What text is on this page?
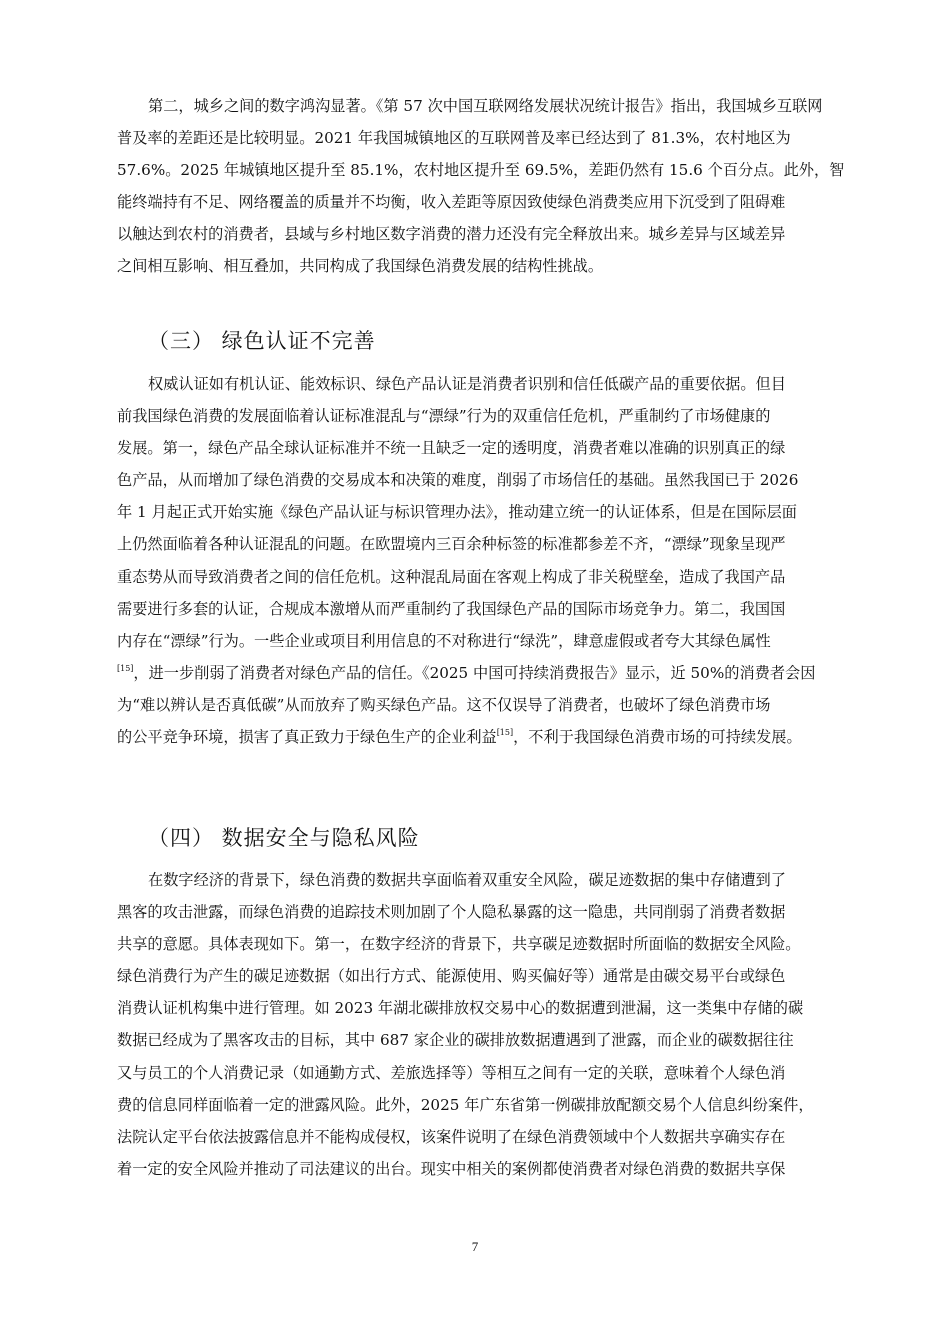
第二，城乡之间的数字鸿沟显著。《第 57 次中国互联网络发展状况统计报告》指出，我国城乡互联网
普及率的差距还是比较明显。2021 年我国城镇地区的互联网普及率已经达到了 81.3%，农村地区为
57.6%。2025 年城镇地区提升至 85.1%，农村地区提升至 69.5%，差距仍然有 15.6 个百分点。此外，智
能终端持有不足、网络覆盖的质量并不均衡，收入差距等原因致使绿色消费类应用下沉受到了阻碍难
以触达到农村的消费者，县域与乡村地区数字消费的潜力还没有完全释放出来。城乡差异与区域差异
之间相互影响、相互叠加，共同构成了我国绿色消费发展的结构性挑战。
（三） 绿色认证不完善
权威认证如有机认证、能效标识、绿色产品认证是消费者识别和信任低碳产品的重要依据。但目
前我国绿色消费的发展面临着认证标准混乱与“漂绿”行为的双重信任危机，严重制约了市场健康的
发展。第一，绿色产品全球认证标准并不统一且缺乏一定的透明度，消费者难以准确的识别真正的绿
色产品，从而增加了绿色消费的交易成本和决策的难度，削弱了市场信任的基础。虽然我国已于 2026
年 1 月起正式开始实施《绿色产品认证与标识管理办法》，推动建立统一的认证体系，但是在国际层面
上仍然面临着各种认证混乱的问题。在欧盟境内三百余种标签的标准都参差不齐，“漂绿”现象呈现严
重态势从而导致消费者之间的信任危机。这种混乱局面在客观上构成了非关税壁垒，造成了我国产品
需要进行多套的认证，合规成本激增从而严重制约了我国绿色产品的国际市场竞争力。第二，我国国
内存在“漂绿”行为。一些企业或项目利用信息的不对称进行“绿洗”，肆意虚假或者夸大其绿色属性
[15]，进一步削弱了消费者对绿色产品的信任。《2025 中国可持续消费报告》显示，近 50%的消费者会因
为“难以辨认是否真低碳”从而放弃了购买绿色产品。这不仅误导了消费者，也破坏了绿色消费市场
的公平竞争环境，损害了真正致力于绿色生产的企业利益[15]，不利于我国绿色消费市场的可持续发展。
（四） 数据安全与隐私风险
在数字经济的背景下，绿色消费的数据共享面临着双重安全风险，碳足迹数据的集中存储遭到了
黑客的攻击泄露，而绿色消费的追踪技术则加剧了个人隐私暴露的这一隐患，共同削弱了消费者数据
共享的意愿。具体表现如下。第一，在数字经济的背景下，共享碳足迹数据时所面临的数据安全风险。
绿色消费行为产生的碳足迹数据（如出行方式、能源使用、购买偏好等）通常是由碳交易平台或绿色
消费认证机构集中进行管理。如 2023 年湖北碳排放权交易中心的数据遭到泄漏，这一类集中存储的碳
数据已经成为了黑客攻击的目标，其中 687 家企业的碳排放数据遭遇到了泄露，而企业的碳数据往往
又与员工的个人消费记录（如通勤方式、差旅选择等）等相互之间有一定的关联，意味着个人绿色消
费的信息同样面临着一定的泄露风险。此外，2025 年广东省第一例碳排放配额交易个人信息纠纷案件，
法院认定平台依法披露信息并不能构成侵权，该案件说明了在绿色消费领域中个人数据共享确实存在
着一定的安全风险并推动了司法建议的出台。现实中相关的案例都使消费者对绿色消费的数据共享保
7
